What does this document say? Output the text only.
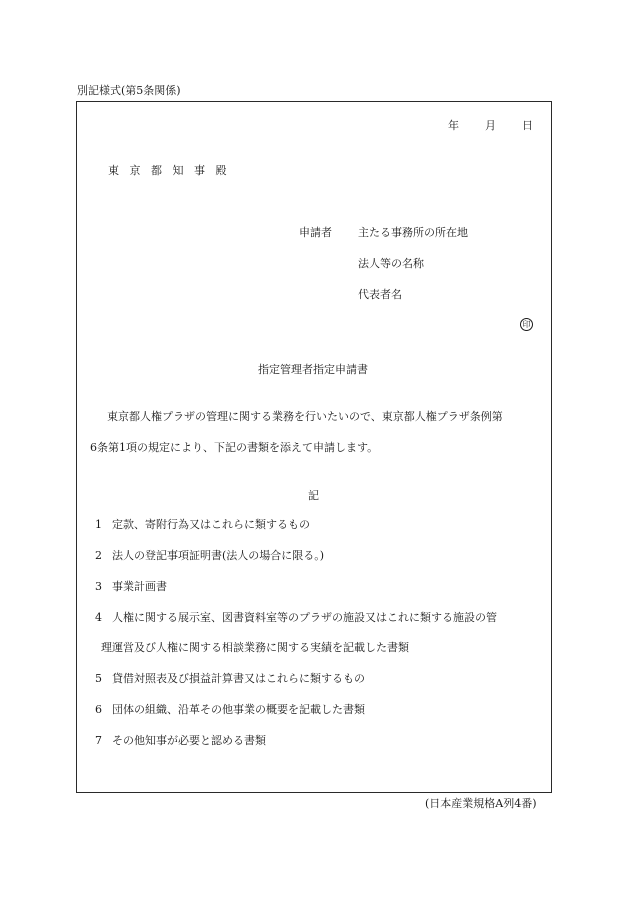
別記様式(第5条関係)
年 月 日
東京都知事殿
申請者 主たる事務所の所在地
法人等の名称
代表者名
印
指定管理者指定申請書
東京都人権プラザの管理に関する業務を行いたいので、東京都人権プラザ条例第
6条第1項の規定により、下記の書類を添えて申請します。
記
1 定款、寄附行為又はこれらに類するもの
2 法人の登記事項証明書(法人の場合に限る。)
3 事業計画書
4 人権に関する展示室、図書資料室等のプラザの施設又はこれに類する施設の管
理運営及び人権に関する相談業務に関する実績を記載した書類
5 貸借対照表及び損益計算書又はこれらに類するもの
6 団体の組織、沿革その他事業の概要を記載した書類
7 その他知事が必要と認める書類
(日本産業規格A列4番)
